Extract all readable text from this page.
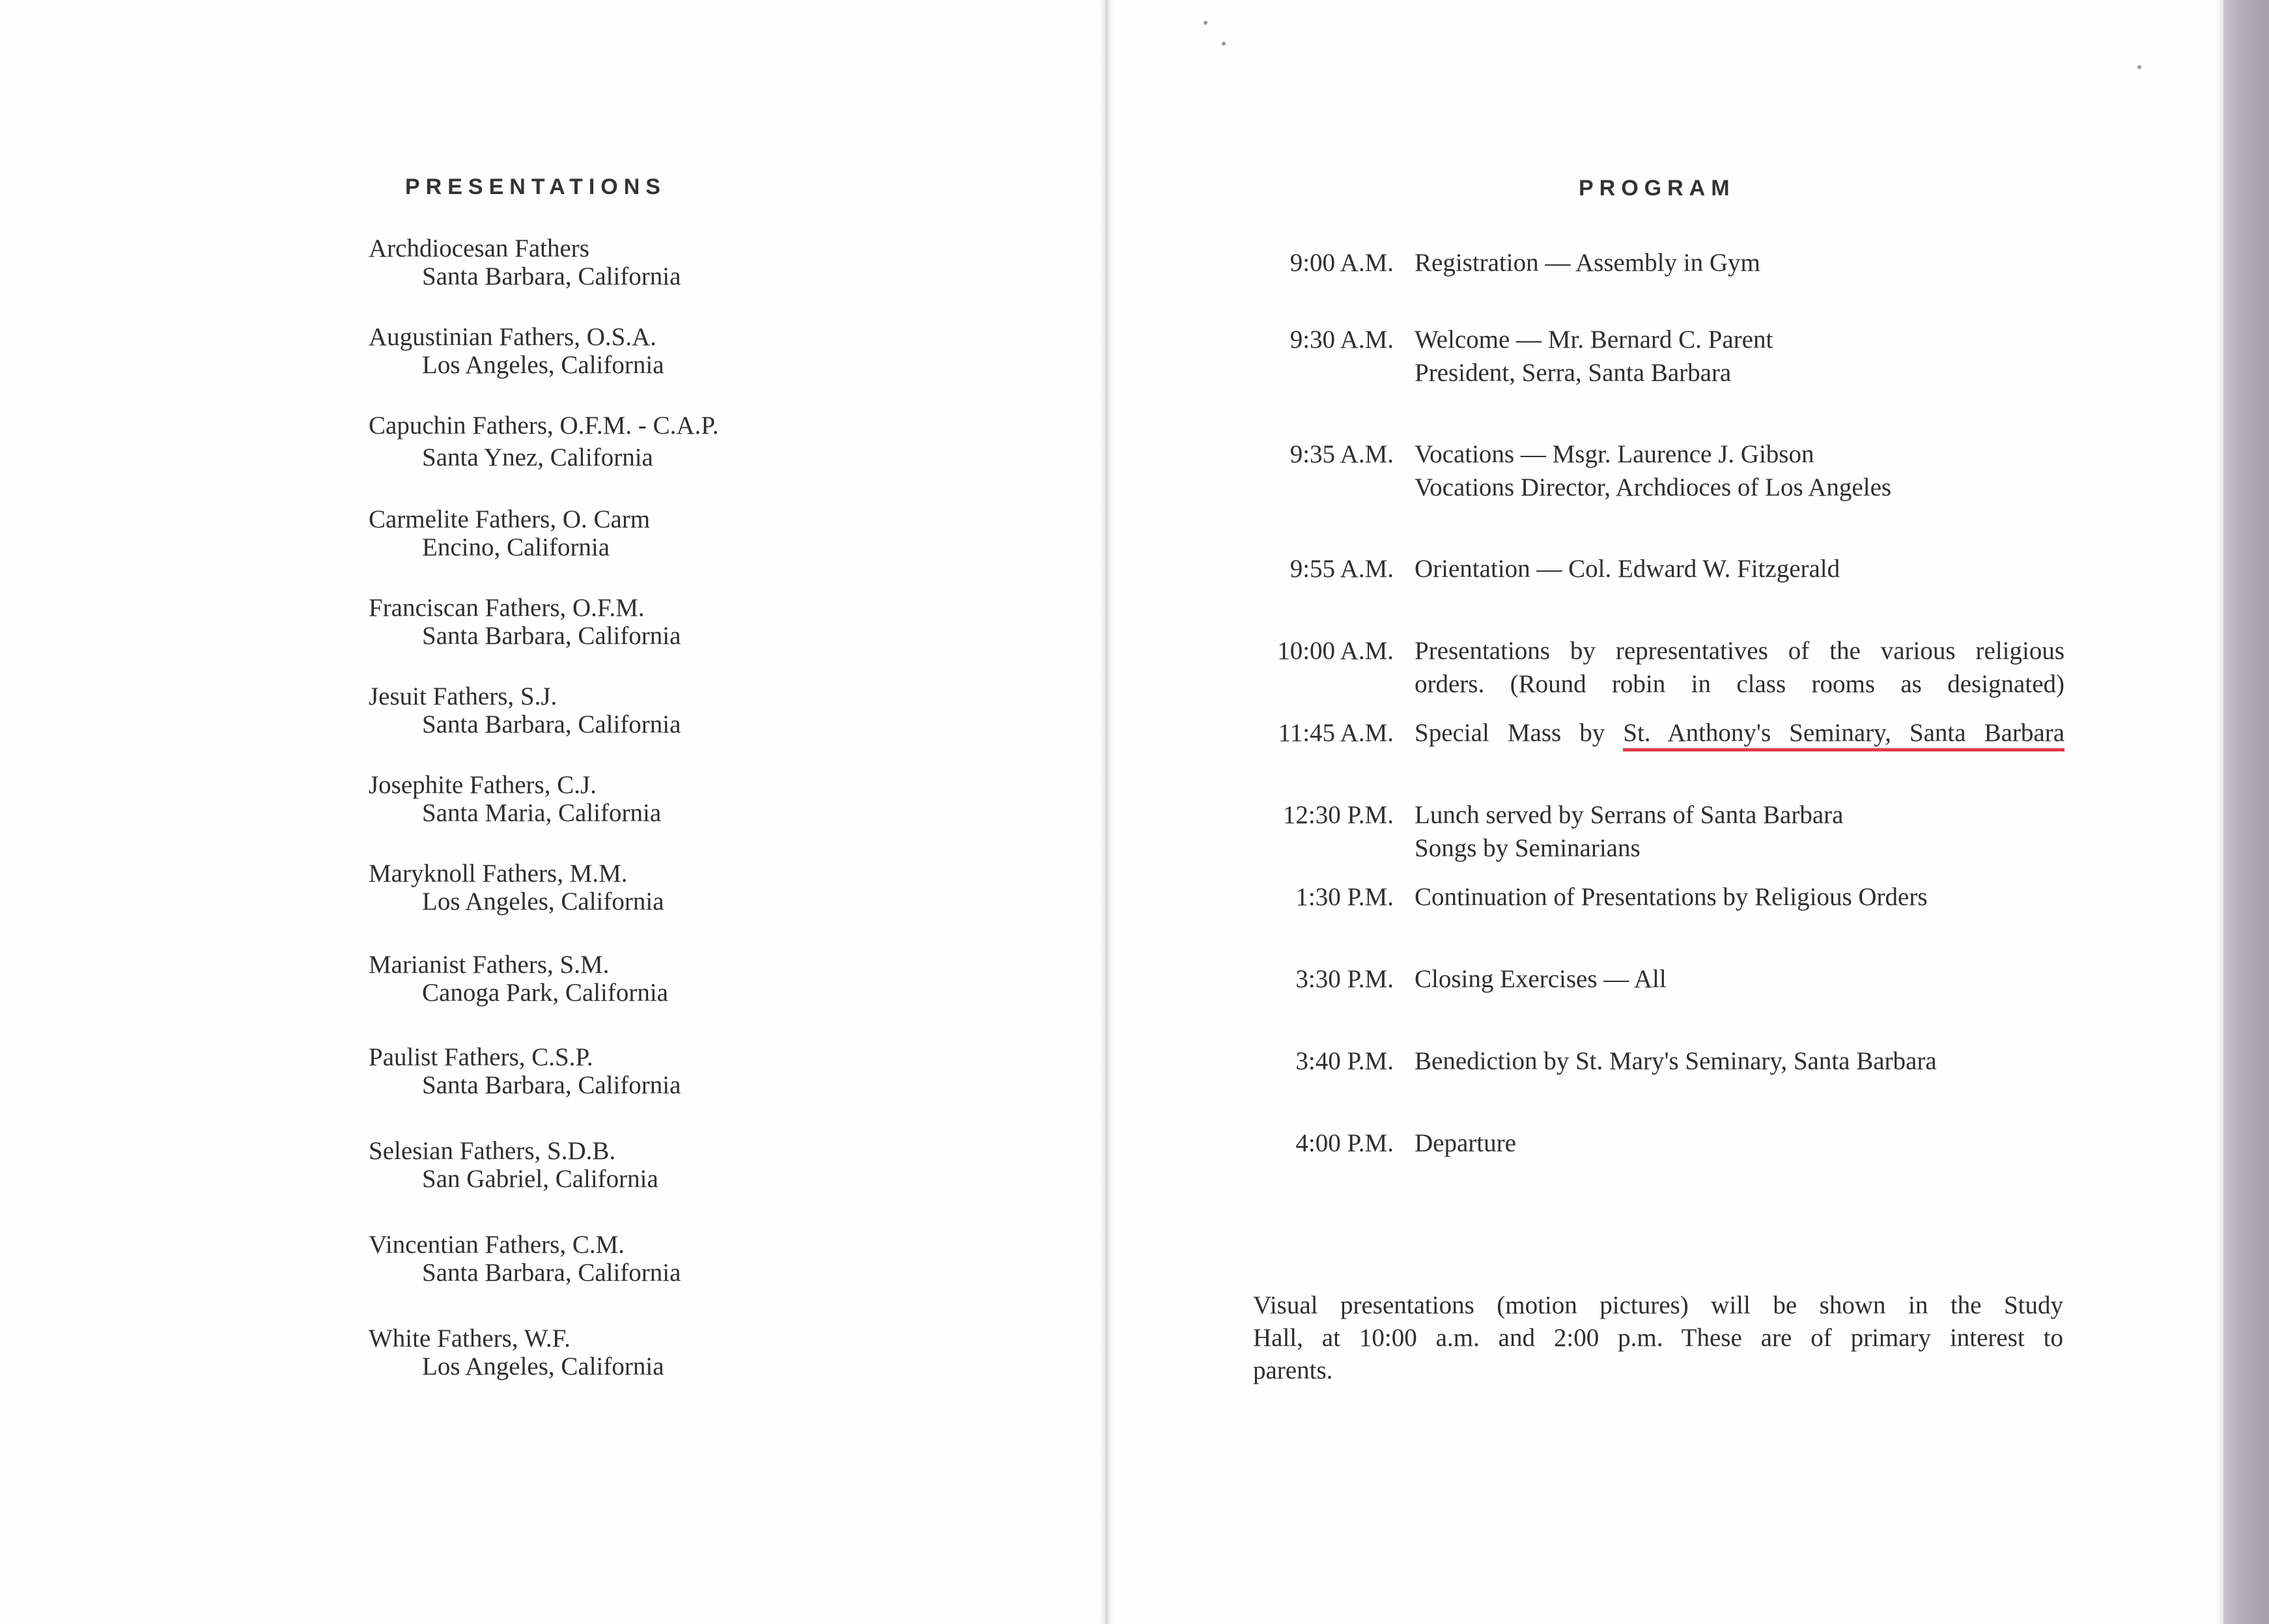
PRESENTATIONS
Archdiocesan Fathers
Santa Barbara, California
Augustinian Fathers, O.S.A.
Los Angeles, California
Capuchin Fathers, O.F.M. - C.A.P.
Santa Ynez, California
Carmelite Fathers, O. Carm
Encino, California
Franciscan Fathers, O.F.M.
Santa Barbara, California
Jesuit Fathers, S.J.
Santa Barbara, California
Josephite Fathers, C.J.
Santa Maria, California
Maryknoll Fathers, M.M.
Los Angeles, California
Marianist Fathers, S.M.
Canoga Park, California
Paulist Fathers, C.S.P.
Santa Barbara, California
Selesian Fathers, S.D.B.
San Gabriel, California
Vincentian Fathers, C.M.
Santa Barbara, California
White Fathers, W.F.
Los Angeles, California
PROGRAM
9:00 A.M. Registration — Assembly in Gym
9:30 A.M. Welcome — Mr. Bernard C. Parent
President, Serra, Santa Barbara
9:35 A.M. Vocations — Msgr. Laurence J. Gibson
Vocations Director, Archdioces of Los Angeles
9:55 A.M. Orientation — Col. Edward W. Fitzgerald
10:00 A.M. Presentations by representatives of the various religious
orders. (Round robin in class rooms as designated)
11:45 A.M. Special Mass by St. Anthony's Seminary, Santa Barbara
12:30 P.M. Lunch served by Serrans of Santa Barbara
Songs by Seminarians
1:30 P.M. Continuation of Presentations by Religious Orders
3:30 P.M. Closing Exercises — All
3:40 P.M. Benediction by St. Mary's Seminary, Santa Barbara
4:00 P.M. Departure
Visual presentations (motion pictures) will be shown in the Study
Hall, at 10:00 a.m. and 2:00 p.m. These are of primary interest to
parents.
